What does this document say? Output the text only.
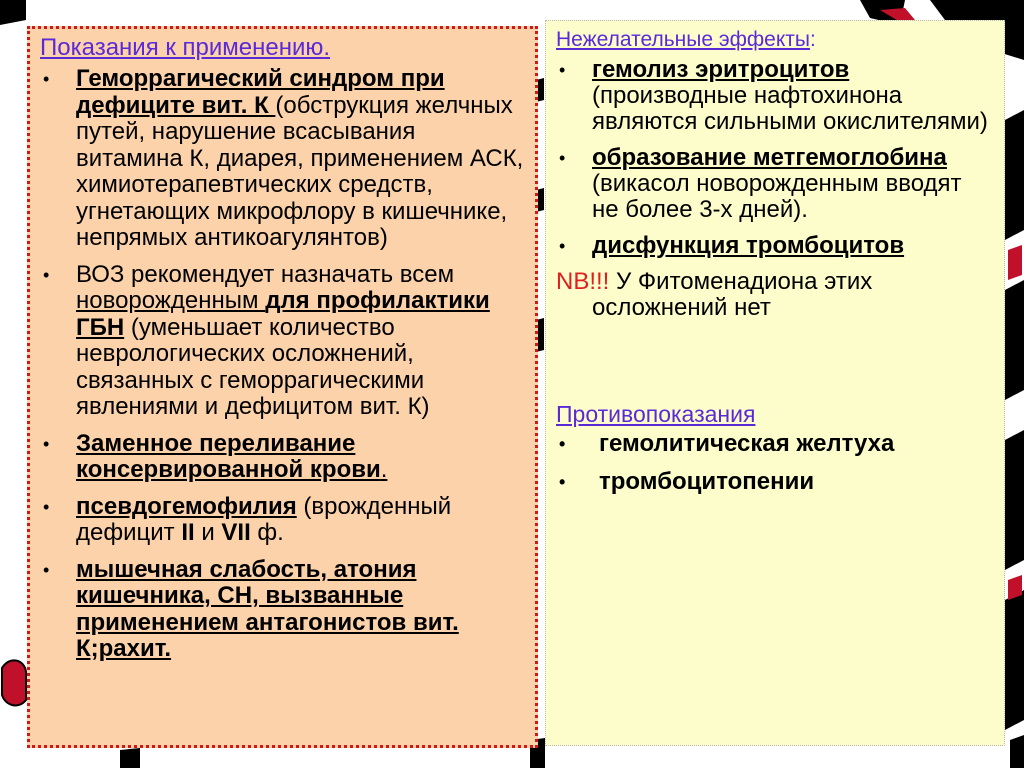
Показания к применению.
• Геморрагический синдром при дефиците вит. К (обструкция желчных путей, нарушение всасывания витамина К, диарея, применением АСК, химиотерапевтических средств, угнетающих микрофлору в кишечнике, непрямых антикоагулянтов)
• ВОЗ рекомендует назначать всем новорожденным для профилактики ГБН (уменьшает количество неврологических осложнений, связанных с геморрагическими явлениями и дефицитом вит. К)
• Заменное переливание консервированной крови.
• псевдогемофилия (врожденный дефицит II и VII ф.
• мышечная слабость, атония кишечника, СН, вызванные применением антагонистов вит. К;рахит.
Нежелательные эффекты:
• гемолиз эритроцитов (производные нафтохинона являются сильными окислителями)
• образование метгемоглобина (викасол новорожденным вводят не более 3-х дней).
• дисфункция тромбоцитов
NB!!! У Фитоменадиона этих осложнений нет
Противопоказания
• гемолитическая желтуха
• тромбоцитопении
